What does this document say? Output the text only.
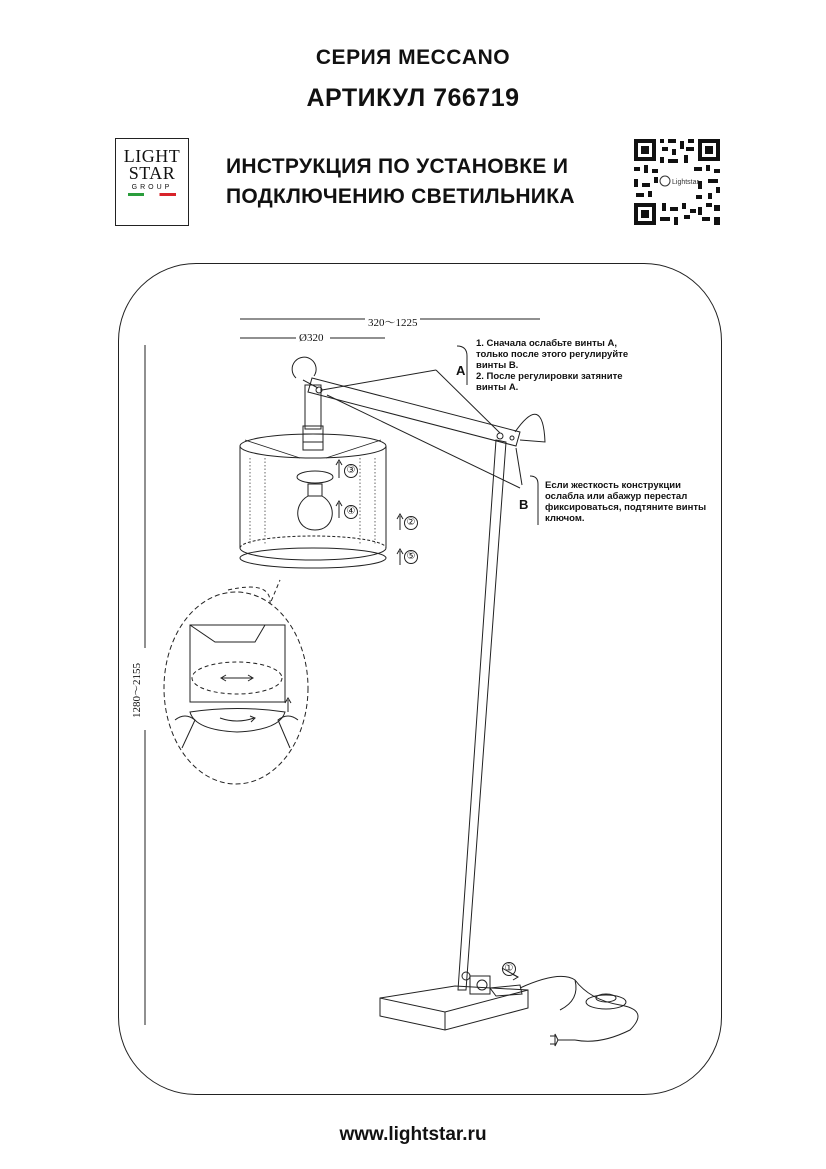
СЕРИЯ MECCANO
АРТИКУЛ 766719
LIGHT
STAR
GROUP
ИНСТРУКЦИЯ ПО УСТАНОВКЕ И
ПОДКЛЮЧЕНИЮ СВЕТИЛЬНИКА
Lightstar
320～1225
Ø320
1280～2155
A
B
1. Сначала ослабьте винты A,
только после этого регулируйте
винты B.
2. После регулировки затяните
винты A.
Если жесткость конструкции
ослабла или абажур перестал
фиксироваться, подтяните винты
ключом.
①
②
③
④
⑤
www.lightstar.ru
